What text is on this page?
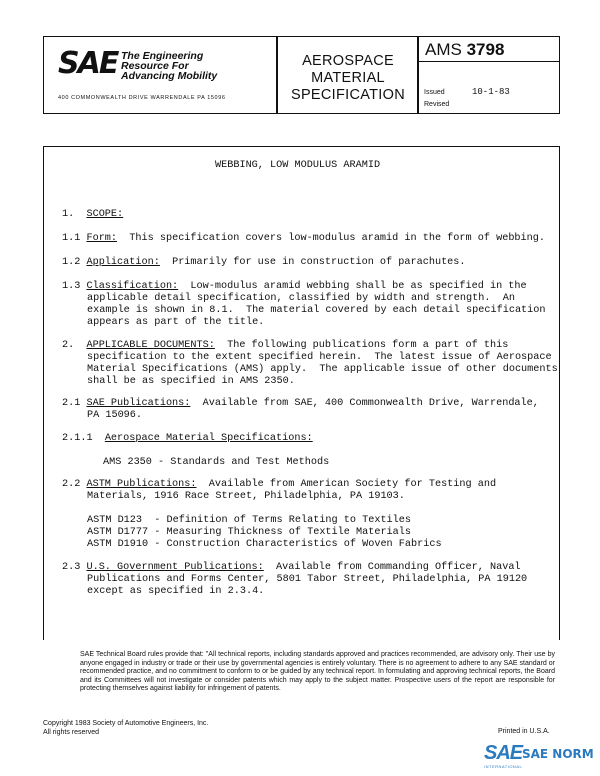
SAE The Engineering
Resource For
Advancing Mobility
400 COMMONWEALTH DRIVE WARRENDALE PA 15096
AEROSPACE
MATERIAL
SPECIFICATION
AMS 3798
Issued	10-1-83
Revised
WEBBING, LOW MODULUS ARAMID
1. SCOPE:
1.1 Form: This specification covers low-modulus aramid in the form of webbing.
1.2 Application: Primarily for use in construction of parachutes.
1.3 Classification: Low-modulus aramid webbing shall be as specified in the
applicable detail specification, classified by width and strength.  An
example is shown in 8.1.  The material covered by each detail specification
appears as part of the title.
2. APPLICABLE DOCUMENTS: The following publications form a part of this
specification to the extent specified herein.  The latest issue of Aerospace
Material Specifications (AMS) apply.  The applicable issue of other documents
shall be as specified in AMS 2350.
2.1 SAE Publications: Available from SAE, 400 Commonwealth Drive, Warrendale,
PA 15096.
2.1.1 Aerospace Material Specifications:
AMS 2350 - Standards and Test Methods
2.2 ASTM Publications: Available from American Society for Testing and
Materials, 1916 Race Street, Philadelphia, PA 19103.
ASTM D123  - Definition of Terms Relating to Textiles
ASTM D1777 - Measuring Thickness of Textile Materials
ASTM D1910 - Construction Characteristics of Woven Fabrics
2.3 U.S. Government Publications: Available from Commanding Officer, Naval
Publications and Forms Center, 5801 Tabor Street, Philadelphia, PA 19120
except as specified in 2.3.4.
SAE Technical Board rules provide that: "All technical reports, including standards approved and practices recommended, are advisory only. Their use by anyone engaged in industry or trade or their use by governmental agencies is entirely voluntary. There is no agreement to adhere to any SAE standard or recommended practice, and no commitment to conform to or be guided by any technical report. In formulating and approving technical reports, the Board and its Committees will not investigate or consider patents which may apply to the subject matter. Prospective users of the report are responsible for protecting themselves against liability for infringement of patents.
Copyright 1983 Society of Automotive Engineers, Inc.
All rights reserved	Printed in U.S.A.
SAE SAE NORM
INTERNATIONAL
